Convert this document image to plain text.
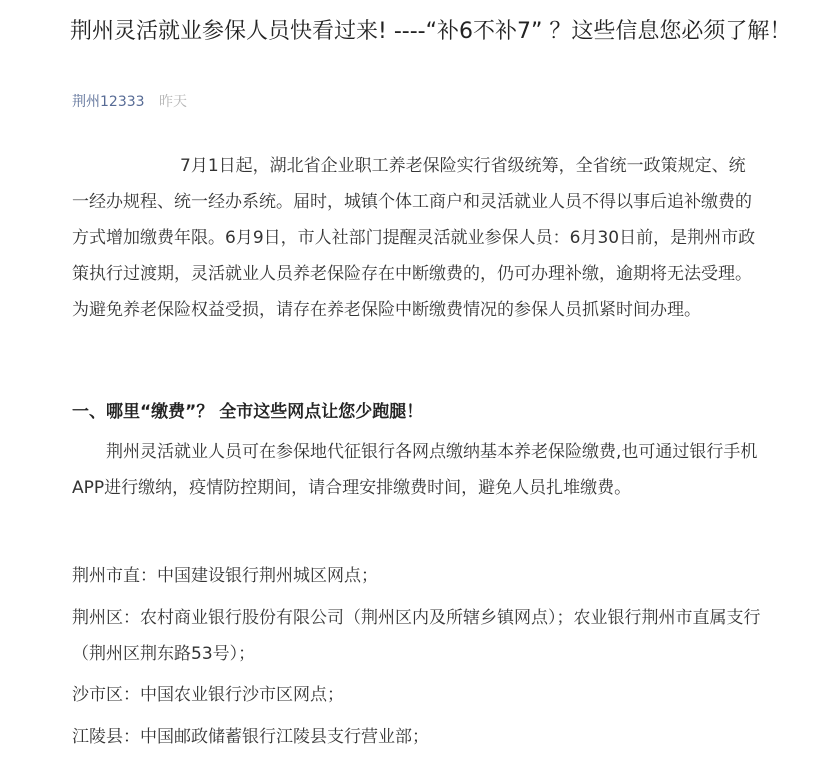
荆州灵活就业参保人员快看过来! ----“补6不补7” ？这些信息您必须了解！
荆州12333 昨天

7月1日起，湖北省企业职工养老保险实行省级统筹，全省统一政策规定、统一经办规程、统一经办系统。届时，城镇个体工商户和灵活就业人员不得以事后追补缴费的方式增加缴费年限。6月9日，市人社部门提醒灵活就业参保人员：6月30日前，是荆州市政策执行过渡期，灵活就业人员养老保险存在中断缴费的，仍可办理补缴，逾期将无法受理。为避免养老保险权益受损，请存在养老保险中断缴费情况的参保人员抓紧时间办理。

一、哪里“缴费”？ 全市这些网点让您少跑腿！

荆州灵活就业人员可在参保地代征银行各网点缴纳基本养老保险缴费,也可通过银行手机APP进行缴纳，疫情防控期间，请合理安排缴费时间，避免人员扎堆缴费。

荆州市直：中国建设银行荆州城区网点；

荆州区：农村商业银行股份有限公司（荆州区内及所辖乡镇网点）；农业银行荆州市直属支行（荆州区荆东路53号）；

沙市区：中国农业银行沙市区网点；

江陵县：中国邮政储蓄银行江陵县支行营业部；
